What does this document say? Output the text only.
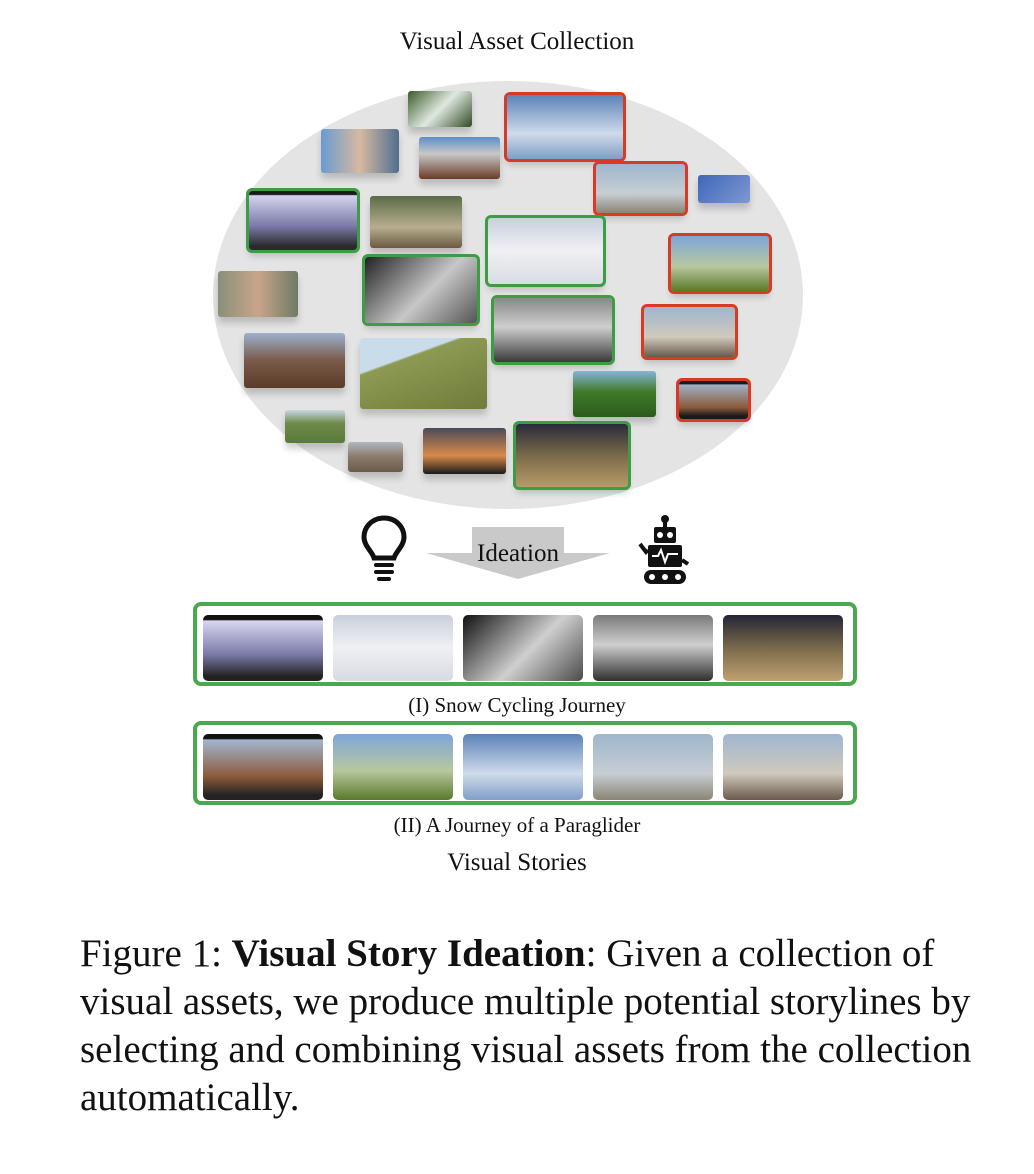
Visual Asset Collection
Ideation
(I) Snow Cycling Journey
(II) A Journey of a Paraglider
Visual Stories
Figure 1: Visual Story Ideation: Given a collection of visual assets, we produce multiple potential storylines by selecting and combining visual assets from the collection automatically.
